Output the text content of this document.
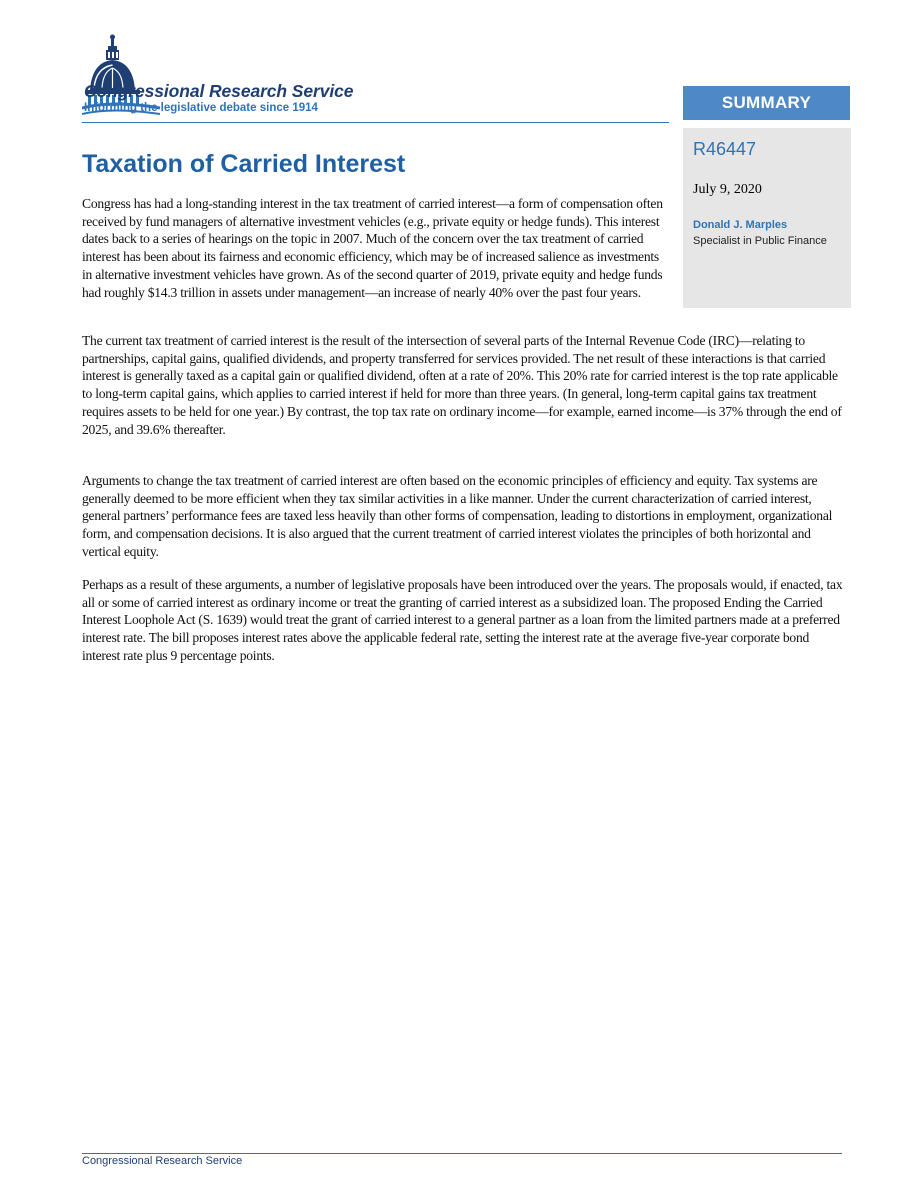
Congressional Research Service
Informing the legislative debate since 1914	SUMMARY
R46447
July 9, 2020
Donald J. Marples
Specialist in Public Finance
Taxation of Carried Interest

Congress has had a long-standing interest in the tax treatment of carried interest—a form of compensation often received by fund managers of alternative investment vehicles (e.g., private equity or hedge funds). This interest dates back to a series of hearings on the topic in 2007. Much of the concern over the tax treatment of carried interest has been about its fairness and economic efficiency, which may be of increased salience as investments in alternative investment vehicles have grown. As of the second quarter of 2019, private equity and hedge funds had roughly $14.3 trillion in assets under management—an increase of nearly 40% over the past four years.

The current tax treatment of carried interest is the result of the intersection of several parts of the Internal Revenue Code (IRC)—relating to partnerships, capital gains, qualified dividends, and property transferred for services provided. The net result of these interactions is that carried interest is generally taxed as a capital gain or qualified dividend, often at a rate of 20%. This 20% rate for carried interest is the top rate applicable to long-term capital gains, which applies to carried interest if held for more than three years. (In general, long-term capital gains tax treatment requires assets to be held for one year.) By contrast, the top tax rate on ordinary income—for example, earned income—is 37% through the end of 2025, and 39.6% thereafter.

Arguments to change the tax treatment of carried interest are often based on the economic principles of efficiency and equity. Tax systems are generally deemed to be more efficient when they tax similar activities in a like manner. Under the current characterization of carried interest, general partners’ performance fees are taxed less heavily than other forms of compensation, leading to distortions in employment, organizational form, and compensation decisions. It is also argued that the current treatment of carried interest violates the principles of both horizontal and vertical equity.

Perhaps as a result of these arguments, a number of legislative proposals have been introduced over the years. The proposals would, if enacted, tax all or some of carried interest as ordinary income or treat the granting of carried interest as a subsidized loan. The proposed Ending the Carried Interest Loophole Act (S. 1639) would treat the grant of carried interest to a general partner as a loan from the limited partners made at a preferred interest rate. The bill proposes interest rates above the applicable federal rate, setting the interest rate at the average five-year corporate bond interest rate plus 9 percentage points.

Congressional Research Service
